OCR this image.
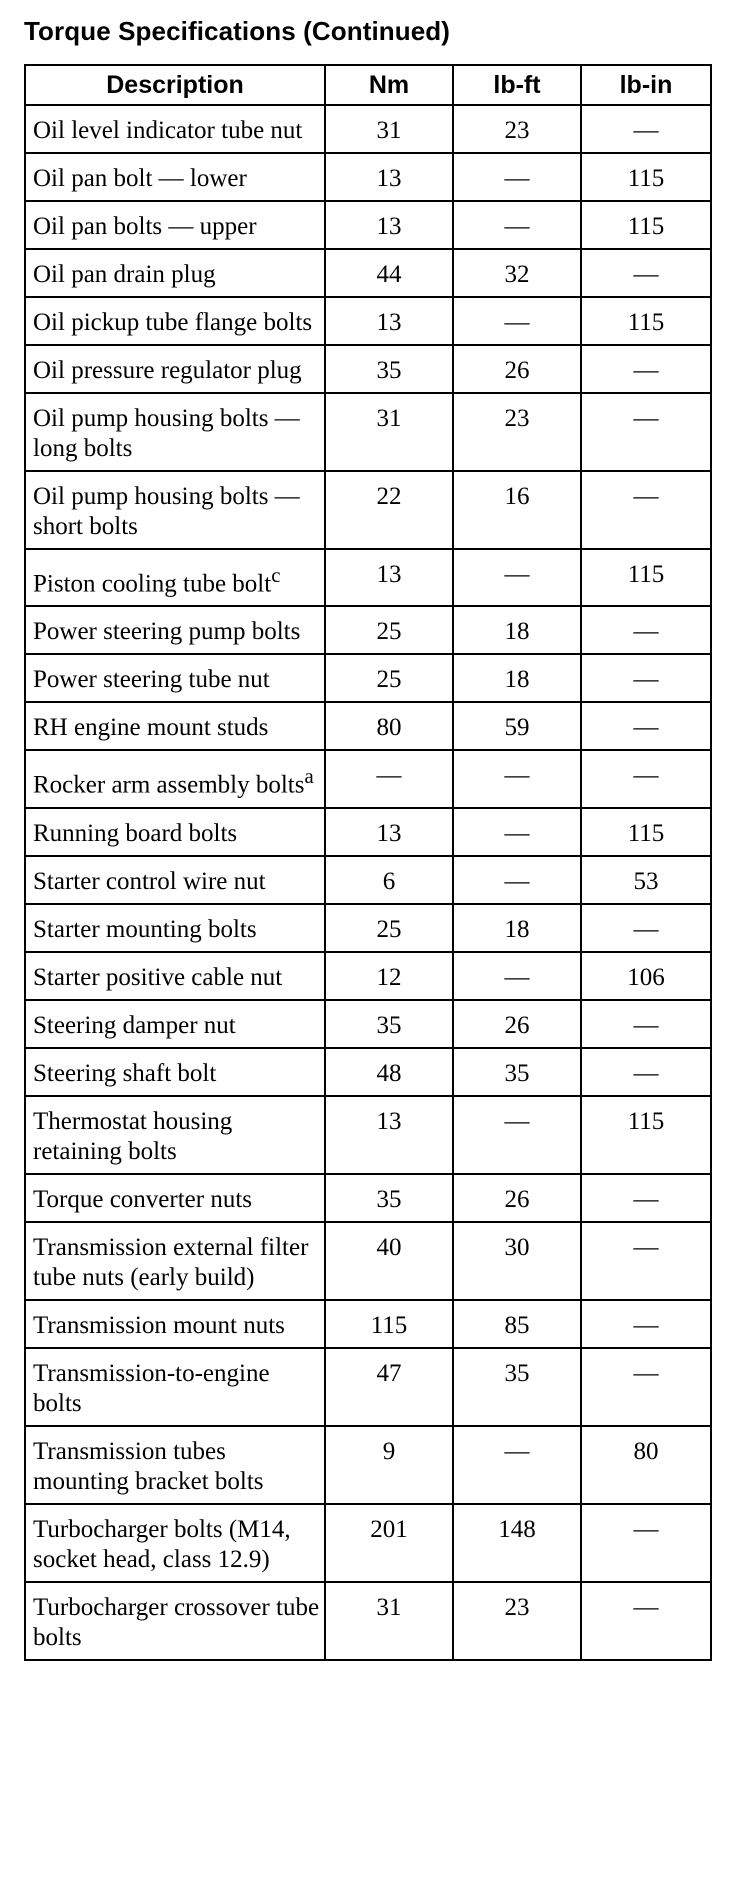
Torque Specifications (Continued)
Description	Nm	lb-ft	lb-in
Oil level indicator tube nut	31	23	—
Oil pan bolt — lower	13	—	115
Oil pan bolts — upper	13	—	115
Oil pan drain plug	44	32	—
Oil pickup tube flange bolts	13	—	115
Oil pressure regulator plug	35	26	—
Oil pump housing bolts — long bolts	31	23	—
Oil pump housing bolts — short bolts	22	16	—
Piston cooling tube bolt$^c$	13	—	115
Power steering pump bolts	25	18	—
Power steering tube nut	25	18	—
RH engine mount studs	80	59	—
Rocker arm assembly bolts$^a$	—	—	—
Running board bolts	13	—	115
Starter control wire nut	6	—	53
Starter mounting bolts	25	18	—
Starter positive cable nut	12	—	106
Steering damper nut	35	26	—
Steering shaft bolt	48	35	—
Thermostat housing retaining bolts	13	—	115
Torque converter nuts	35	26	—
Transmission external filter tube nuts (early build)	40	30	—
Transmission mount nuts	115	85	—
Transmission-to-engine bolts	47	35	—
Transmission tubes mounting bracket bolts	9	—	80
Turbocharger bolts (M14, socket head, class 12.9)	201	148	—
Turbocharger crossover tube bolts	31	23	—
